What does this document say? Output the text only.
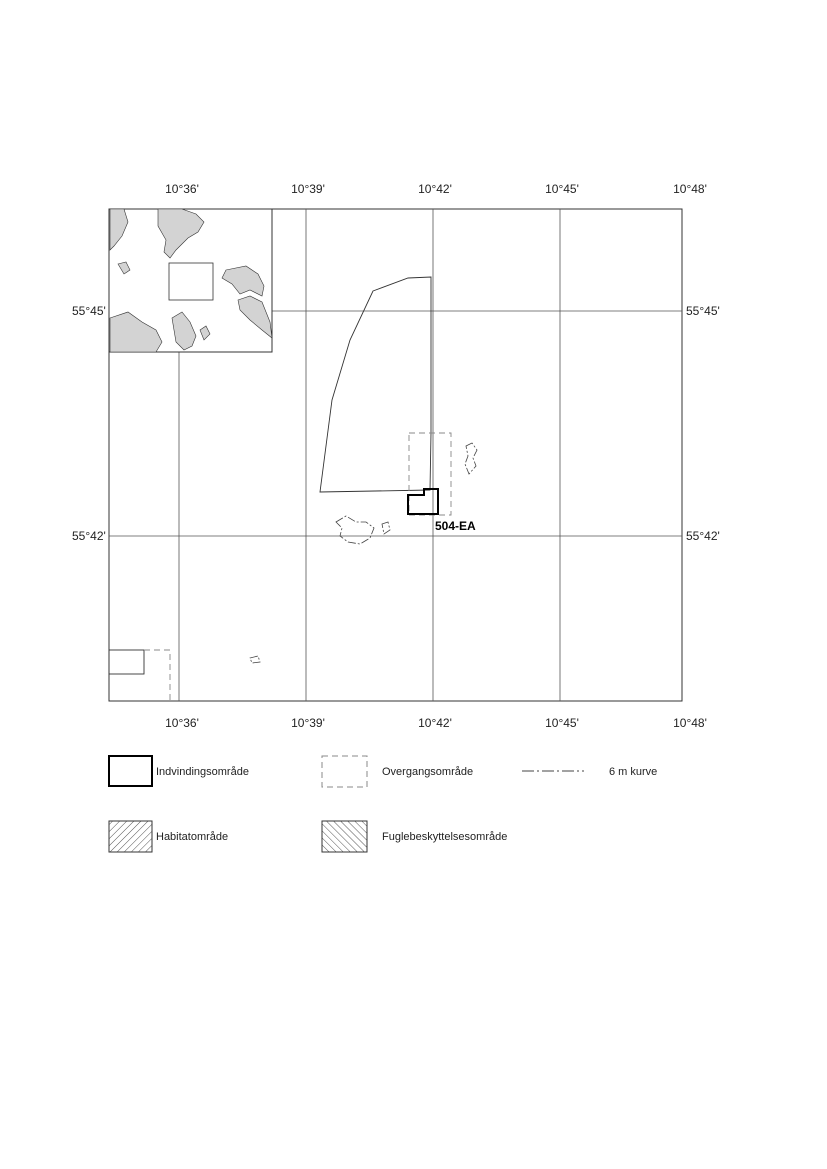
10°36'	10°39'	10°42'	10°45'	10°48'
10°36'	10°39'	10°42'	10°45'	10°48'
55°45'
55°42'
55°45'
55°42'
504-EA
Indvindingsområde	Overgangsområde	6 m kurve
Habitatområde	Fuglebeskyttelsesområde
